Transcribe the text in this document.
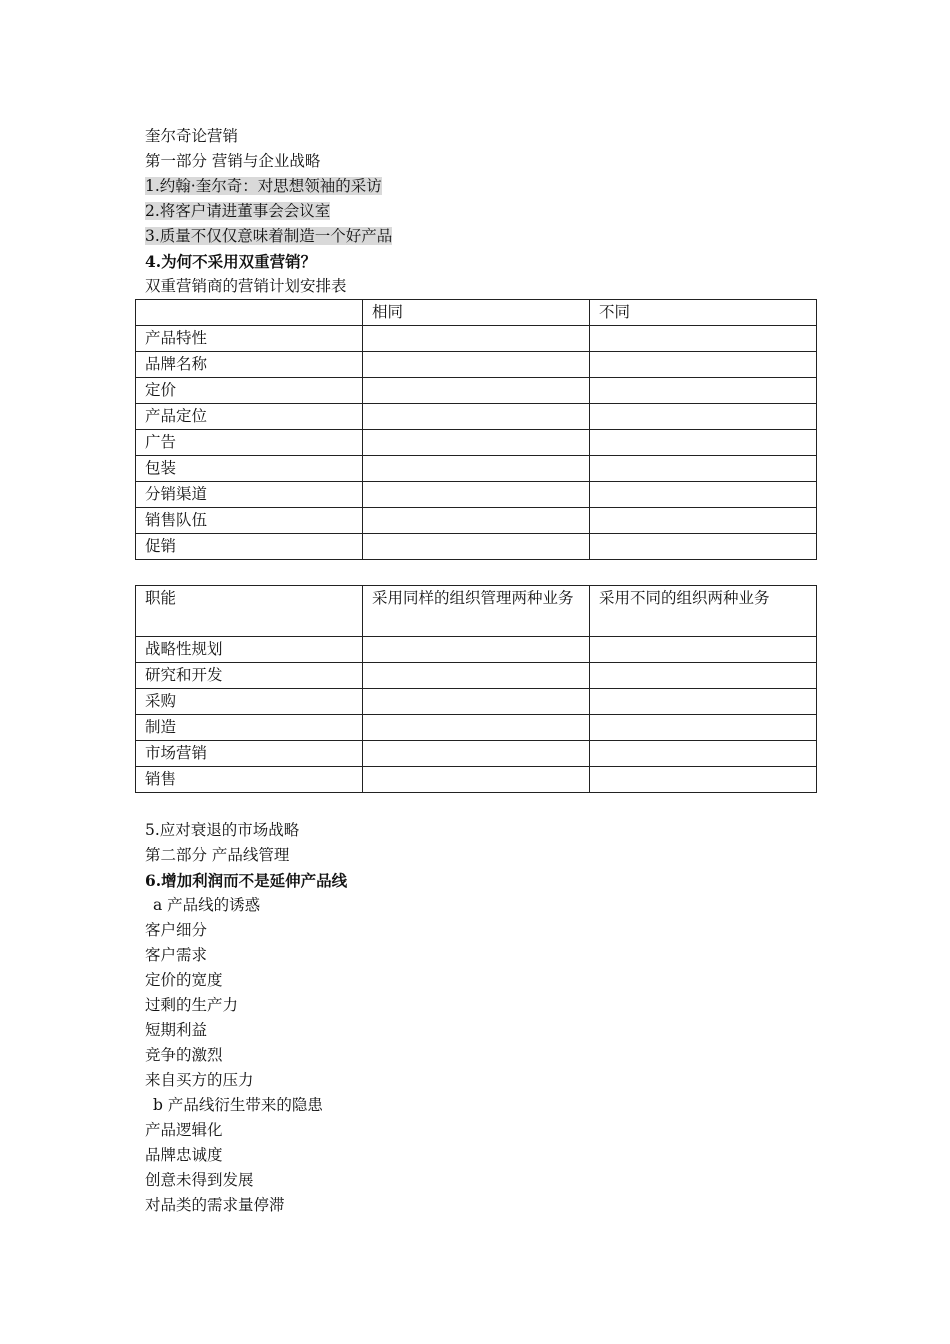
奎尔奇论营销
第一部分 营销与企业战略
1.约翰·奎尔奇：对思想领袖的采访
2.将客户请进董事会会议室
3.质量不仅仅意味着制造一个好产品
4.为何不采用双重营销？
双重营销商的营销计划安排表
	相同	不同
产品特性		
品牌名称		
定价		
产品定位		
广告		
包装		
分销渠道		
销售队伍		
促销		
职能	采用同样的组织管理两种业务	采用不同的组织两种业务
战略性规划		
研究和开发		
采购		
制造		
市场营销		
销售		
5.应对衰退的市场战略
第二部分 产品线管理
6.增加利润而不是延伸产品线
a 产品线的诱惑
客户细分
客户需求
定价的宽度
过剩的生产力
短期利益
竞争的激烈
来自买方的压力
b 产品线衍生带来的隐患
产品逻辑化
品牌忠诚度
创意未得到发展
对品类的需求量停滞
